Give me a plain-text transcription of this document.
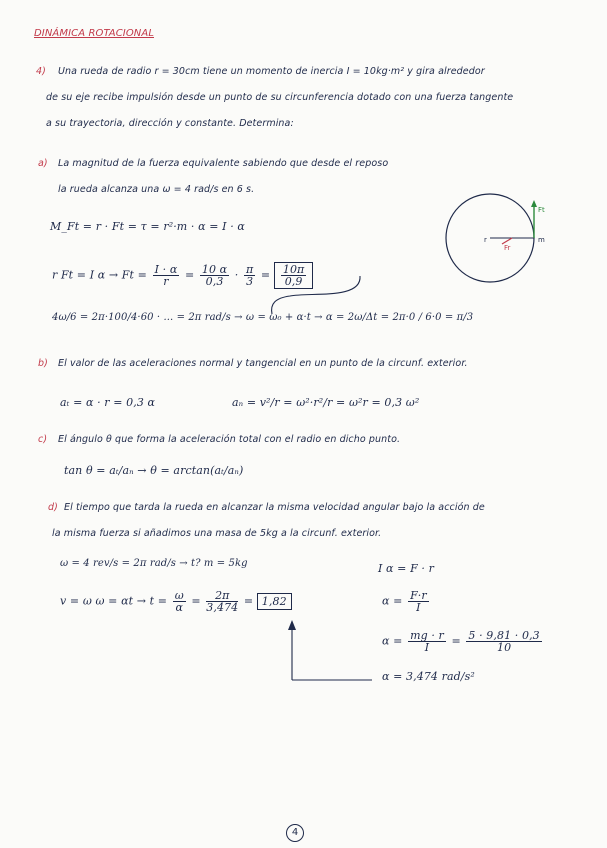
DINÁMICA ROTACIONAL
4) Una rueda de radio r = 30cm tiene un momento de inercia I = 10kg·m² y gira alrededor
de su eje recibe impulsión desde un punto de su circunferencia dotado con una fuerza tangente
a su trayectoria, dirección y constante. Determina:
a) La magnitud de la fuerza equivalente sabiendo que desde el reposo
la rueda alcanza una ω = 4 rad/s en 6 s.
M_Ft = r · Ft = τ = r²·m · α = I · α
r Ft = I $\alpha \to Ft = \frac{I \cdot \alpha}{r} = \frac{10 \alpha}{0,3} \cdot \frac{\pi}{3} = \frac{10\pi}{0,9}$
4ω/6 = 2π·100/4·60 · ... = 2π rad/s → ω = ω₀ + α·t → α = 2ω/Δt = 2π·0 / 6·0 = π/3
Ft
r	m
Fr
b) El valor de las aceleraciones normal y tangencial en un punto de la circunf. exterior.
aₜ = α · r = 0,3 α	aₙ = v²/r = ω²·r²/r = ω²r = 0,3 ω²
c) El ángulo θ que forma la aceleración total con el radio en dicho punto.
tan θ = aₜ/aₙ → θ = arctan(aₜ/aₙ)
d) El tiempo que tarda la rueda en alcanzar la misma velocidad angular bajo la acción de
la misma fuerza si añadimos una masa de 5kg a la circunf. exterior.
ω = 4 rev/s = 2π rad/s → t? m = 5kg
v = ω $\omega = \alpha t \to t = \frac{\omega}{\alpha} = \frac{2\pi}{3,474} = 1,82$
I α = F · r
$\alpha = \frac{F\cdot r}{I}$
$\alpha = \frac{mg \cdot r}{I} = \frac{5 \cdot 9,81 \cdot 0,3}{10}$
α = 3,474 rad/s²
4
